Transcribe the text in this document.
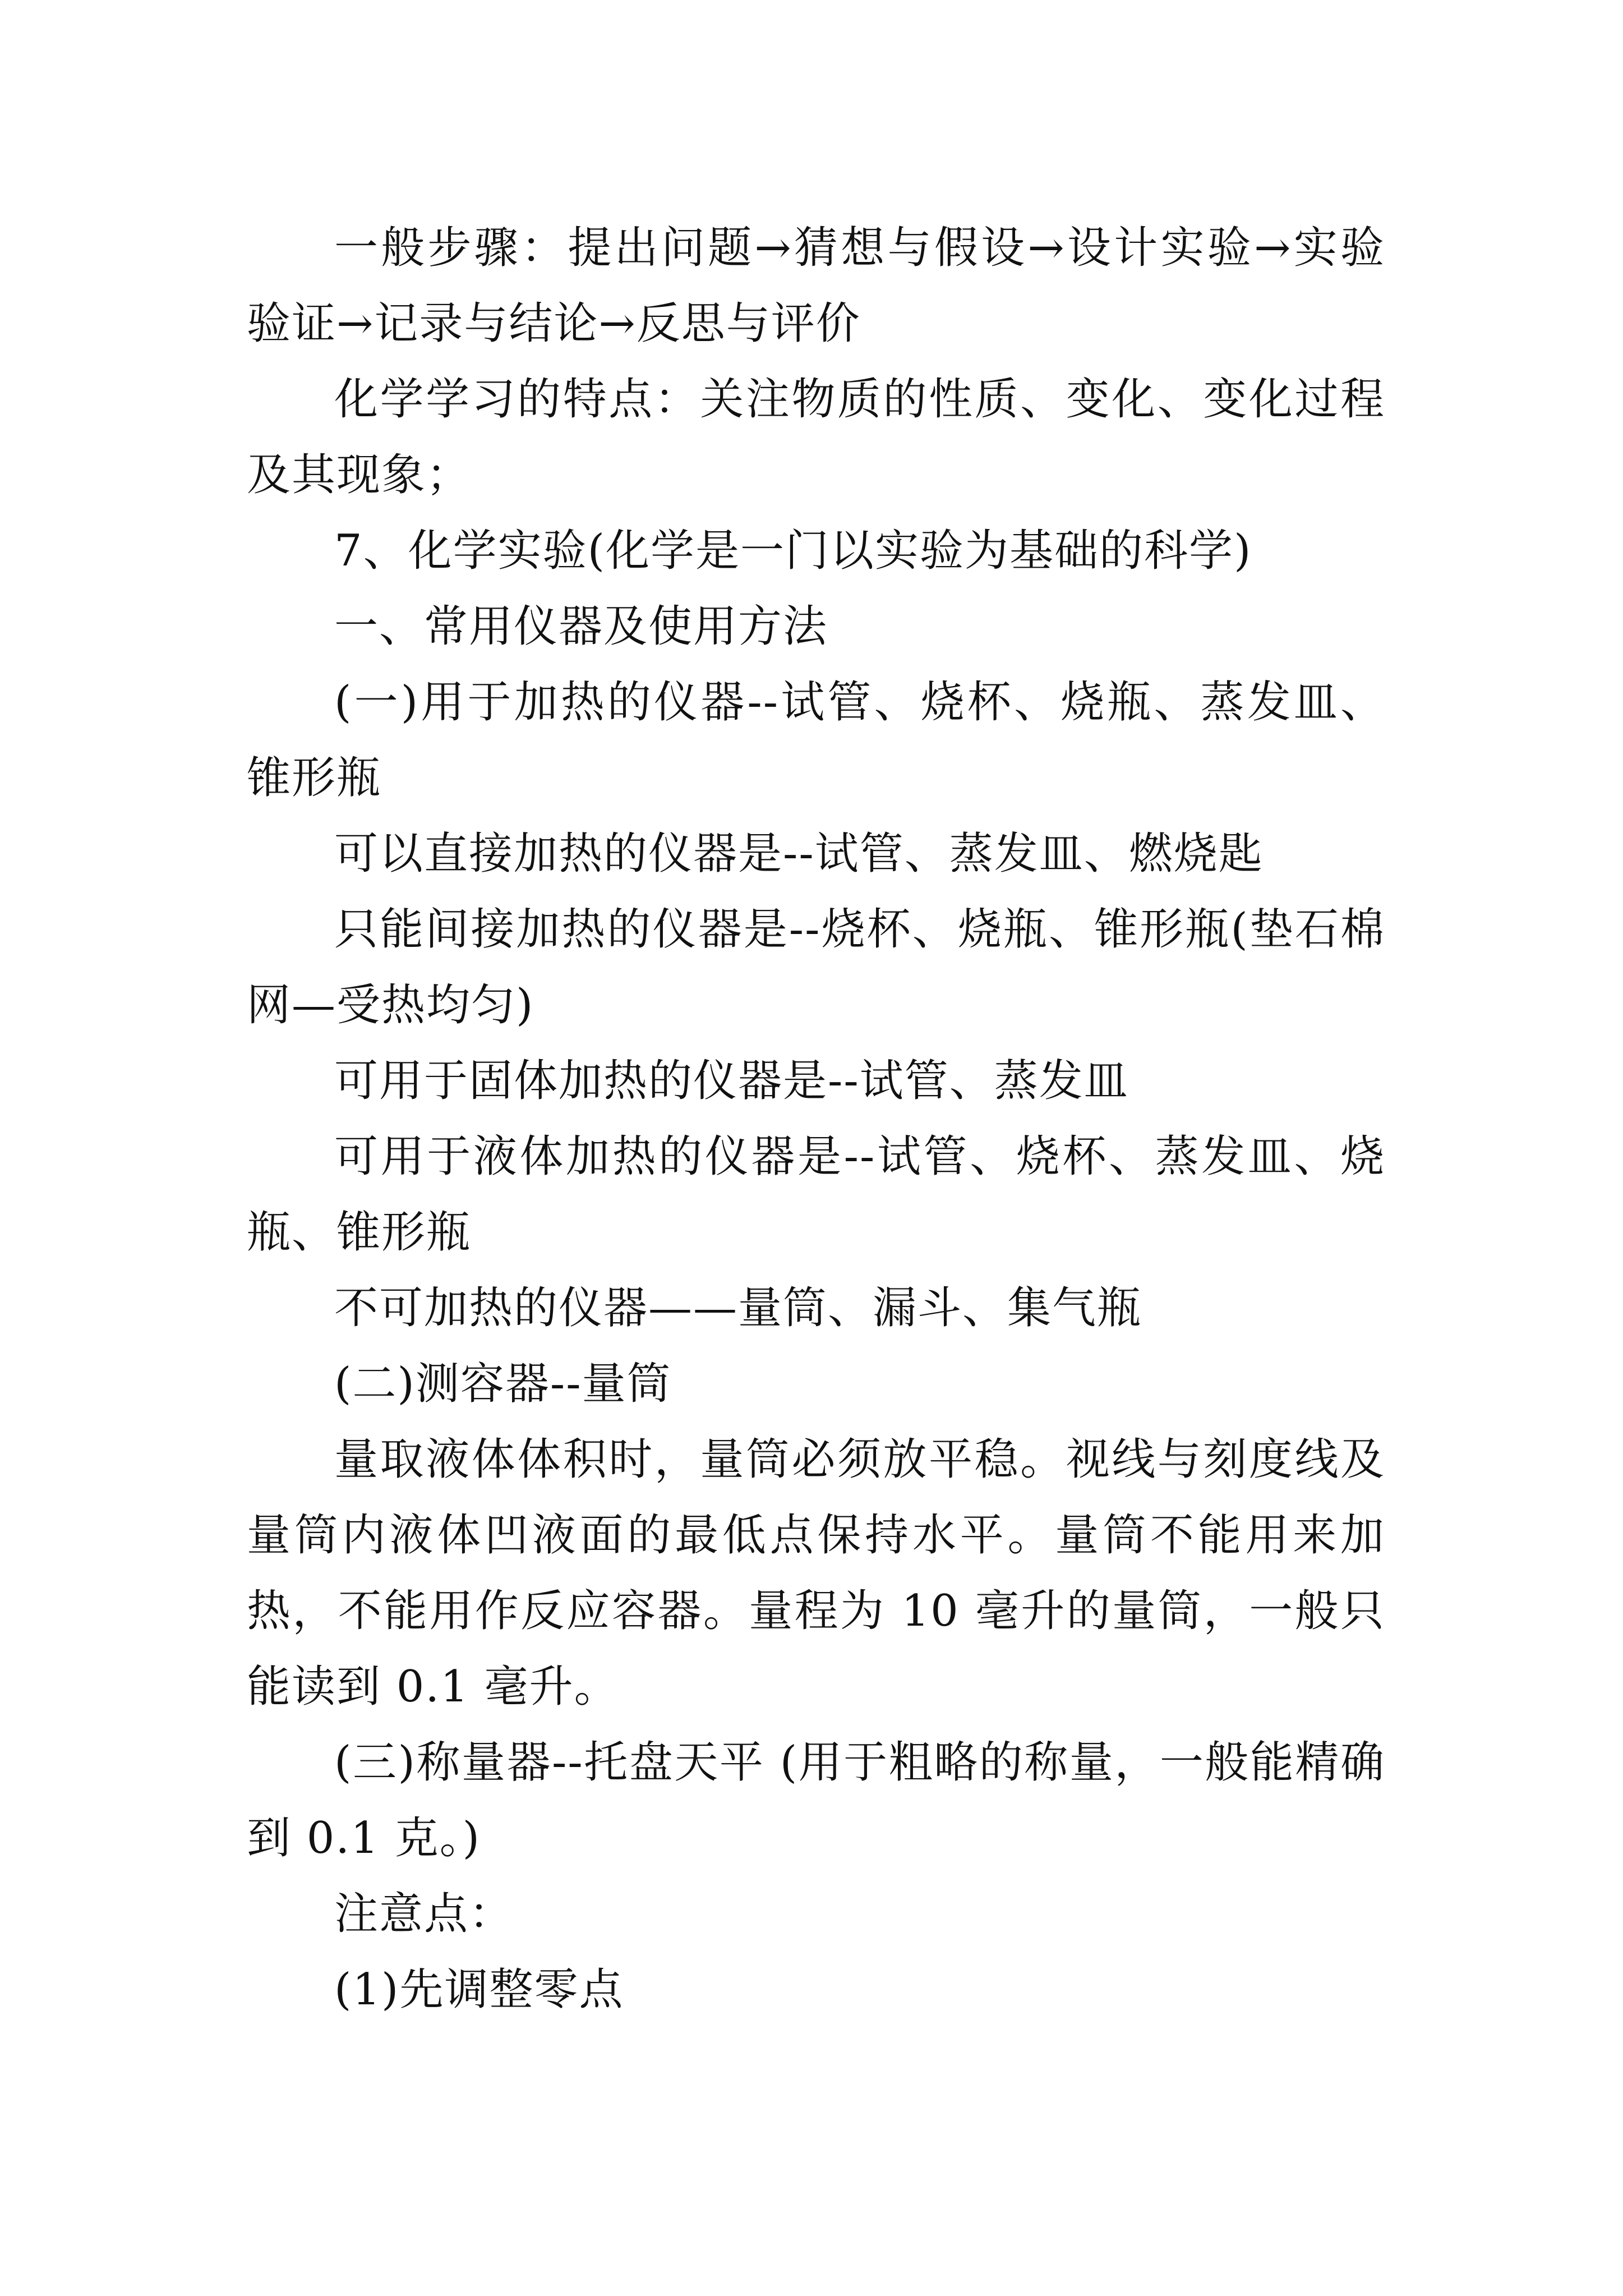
一般步骤：提出问题→猜想与假设→设计实验→实验验证→记录与结论→反思与评价

化学学习的特点：关注物质的性质、变化、变化过程及其现象；

7、化学实验(化学是一门以实验为基础的科学)

一、常用仪器及使用方法

(一)用于加热的仪器--试管、烧杯、烧瓶、蒸发皿、锥形瓶

可以直接加热的仪器是--试管、蒸发皿、燃烧匙

只能间接加热的仪器是--烧杯、烧瓶、锥形瓶(垫石棉网—受热均匀)

可用于固体加热的仪器是--试管、蒸发皿

可用于液体加热的仪器是--试管、烧杯、蒸发皿、烧瓶、锥形瓶

不可加热的仪器——量筒、漏斗、集气瓶

(二)测容器--量筒

量取液体体积时，量筒必须放平稳。视线与刻度线及量筒内液体凹液面的最低点保持水平。量筒不能用来加热，不能用作反应容器。量程为 10 毫升的量筒，一般只能读到 0.1 毫升。

(三)称量器--托盘天平 (用于粗略的称量，一般能精确到 0.1 克。)

注意点：

(1)先调整零点
